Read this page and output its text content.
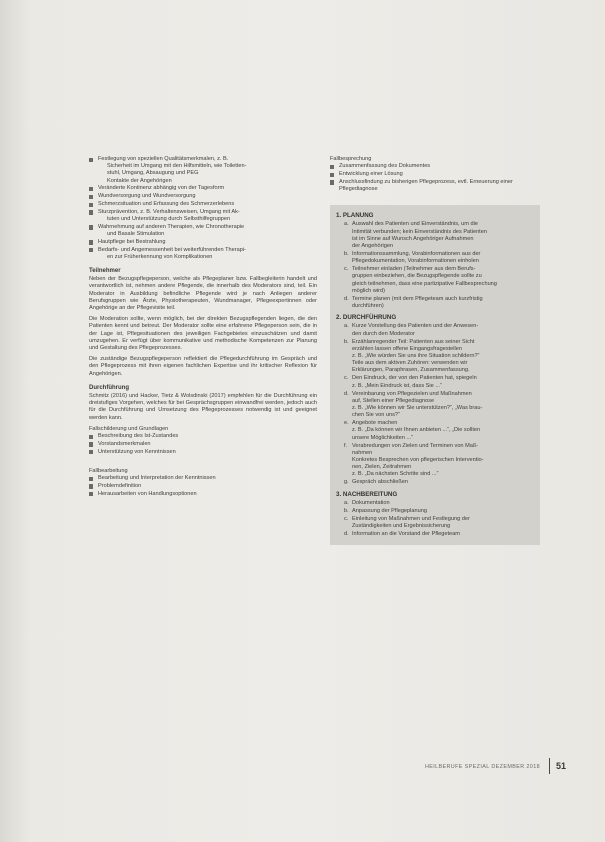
Festlegung von speziellen Qualitätsmerkmalen, z. B.
Sicherheit im Umgang mit den Hilfsmitteln, wie Toiletten-
stuhl, Umgang, Absaugung und PEG
Kontakte der Angehörigen
Veränderte Kontinenz abhängig von der Tagesform
Wundversorgung und Wundversorgung
Schmerzsituation und Erfassung des Schmerzerlebens
Sturzprävention, z. B. Verhaltensweisen, Umgang mit Ak-
tuten und Unterstützung durch Selbsthilfegruppen
Wahrnehmung auf anderen Therapien, wie Chronotherapie
und Basale Stimulation
Hautpflege bei Bestrahlung
Bedarfs- und Angemessenheit bei weiterführenden Therapi-
en zur Früherkennung von Komplikationen
Teilnehmer

Neben der Bezugspflegeperson, welche als Pflegeplaner bzw. Fallbegleiterin handelt und verantwortlich ist, nehmen andere Pflegende, die innerhalb des Moderators sind, teil. Ein Moderator in Ausbildung befindliche Pflegende wird je nach Anliegen anderer Berufsgruppen wie Ärzte, Physiotherapeuten, Wundmanager, Pflegeexpertinnen oder Angehörige an der Pflegevisite teil.

Die Moderation sollte, wenn möglich, bei der direkten Bezugspflegenden liegen, die den Patienten kennt und betreut. Der Moderator sollte eine erfahrene Pflegeperson sein, die in der Lage ist, Pflegesituationen des jeweiligen Fachgebietes einzuschätzen und damit umzugehen. Er verfügt über kommunikative und methodische Kompetenzen zur Planung und Gestaltung des Pflegeprozesses.

Die zuständige Bezugspflegeperson reflektiert die Pflegedurchführung im Gespräch und den Pflegeprozess mit ihren eigenen fachlichen Expertise und ihr kritischer Reflexion für Angehörigen.

Durchführung

Schmitz (2016) und Hacker, Tietz & Wolsdinski (2017) empfehlen für die Durchführung ein dreistufiges Vorgehen, welches für bei Gesprächsgruppen einwandfrei werden, jedoch auch für die Durchführung und Umsetzung des Pflegeprozesses notwendig ist und geeignet werden kann.

Fallschilderung und Grundlagen
Beschreibung des Ist-Zustandes
Vorstandsmerkmalen
Unterstützung von Kenntnissen
Fallbearbeitung
Bearbeitung und Interpretation der Kenntnissen
Problemdefinition
Herausarbeiten von Handlungsoptionen
Fallbesprechung
Zusammenfassung des Dokumentes
Entwicklung einer Lösung
Anschlussfindung zu bisherigen Pflegeprozess, evtl. Erneuerung einer Pflegediagnose
1. PLANUNG
a. Auswahl des Patienten und Einverständnis, um die
Intimität verbunden; kein Einverständnis des Patienten
ist im Sinne auf Wunsch Angehöriger Aufnahmen
der Angehörigen
b. Informationssammlung, Vorabinformationen aus der
Pflegedokumentation, Vorabinformationen einholen
c. Teilnehmer einladen (Teilnehmer aus dem Berufs-
gruppen einbeziehen, die Bezugspflegende sollte zu
gleich teilnehmen, dass eine partizipative Fallbesprechung
möglich wird)
d. Termine planen (mit dem Pflegeteam auch kurzfristig
durchführen)
2. DURCHFÜHRUNG
a. Kurze Vorstellung des Patienten und der Anwesen-
den durch den Moderator
b. Erzählanregender Teil: Patienten aus seiner Sicht
erzählen lassen offene Eingangsfragestellen
z. B. „Wie würden Sie uns ihre Situation schildern?“
Teile aus dem aktiven Zuhören: verwenden wir
Erklärungen, Paraphrasen, Zusammenfassung.
c. Den Eindruck, der von den Patienten hat, spiegeln
z. B. „Mein Eindruck ist, dass Sie ...“
d. Vereinbarung von Pflegezielen und Maßnahmen
auf, Stellen einer Pflegediagnose
z. B. „Wie können wir Sie unterstützen?“, „Was brau-
chen Sie von uns?“
e. Angebote machen
z. B. „Da können wir Ihnen anbieten ...“, „Die sollten
unsere Möglichkeiten ...“
f. Verabredungen von Zielen und Terminen von Maß-
nahmen
Konkretes Besprechen von pflegerischen Interventio-
nen, Zielen, Zeitrahmen
z. B. „Da nächsten Schritte sind ...“
g. Gespräch abschließen
3. NACHBEREITUNG
a. Dokumentation
b. Anpassung der Pflegeplanung
c. Einleitung von Maßnahmen und Festlegung der
Zuständigkeiten und Ergebnissicherung
d. Information an die Vorstand der Pflegeteam
HEILBERUFE SPEZIAL DEZEMBER 2018 51
